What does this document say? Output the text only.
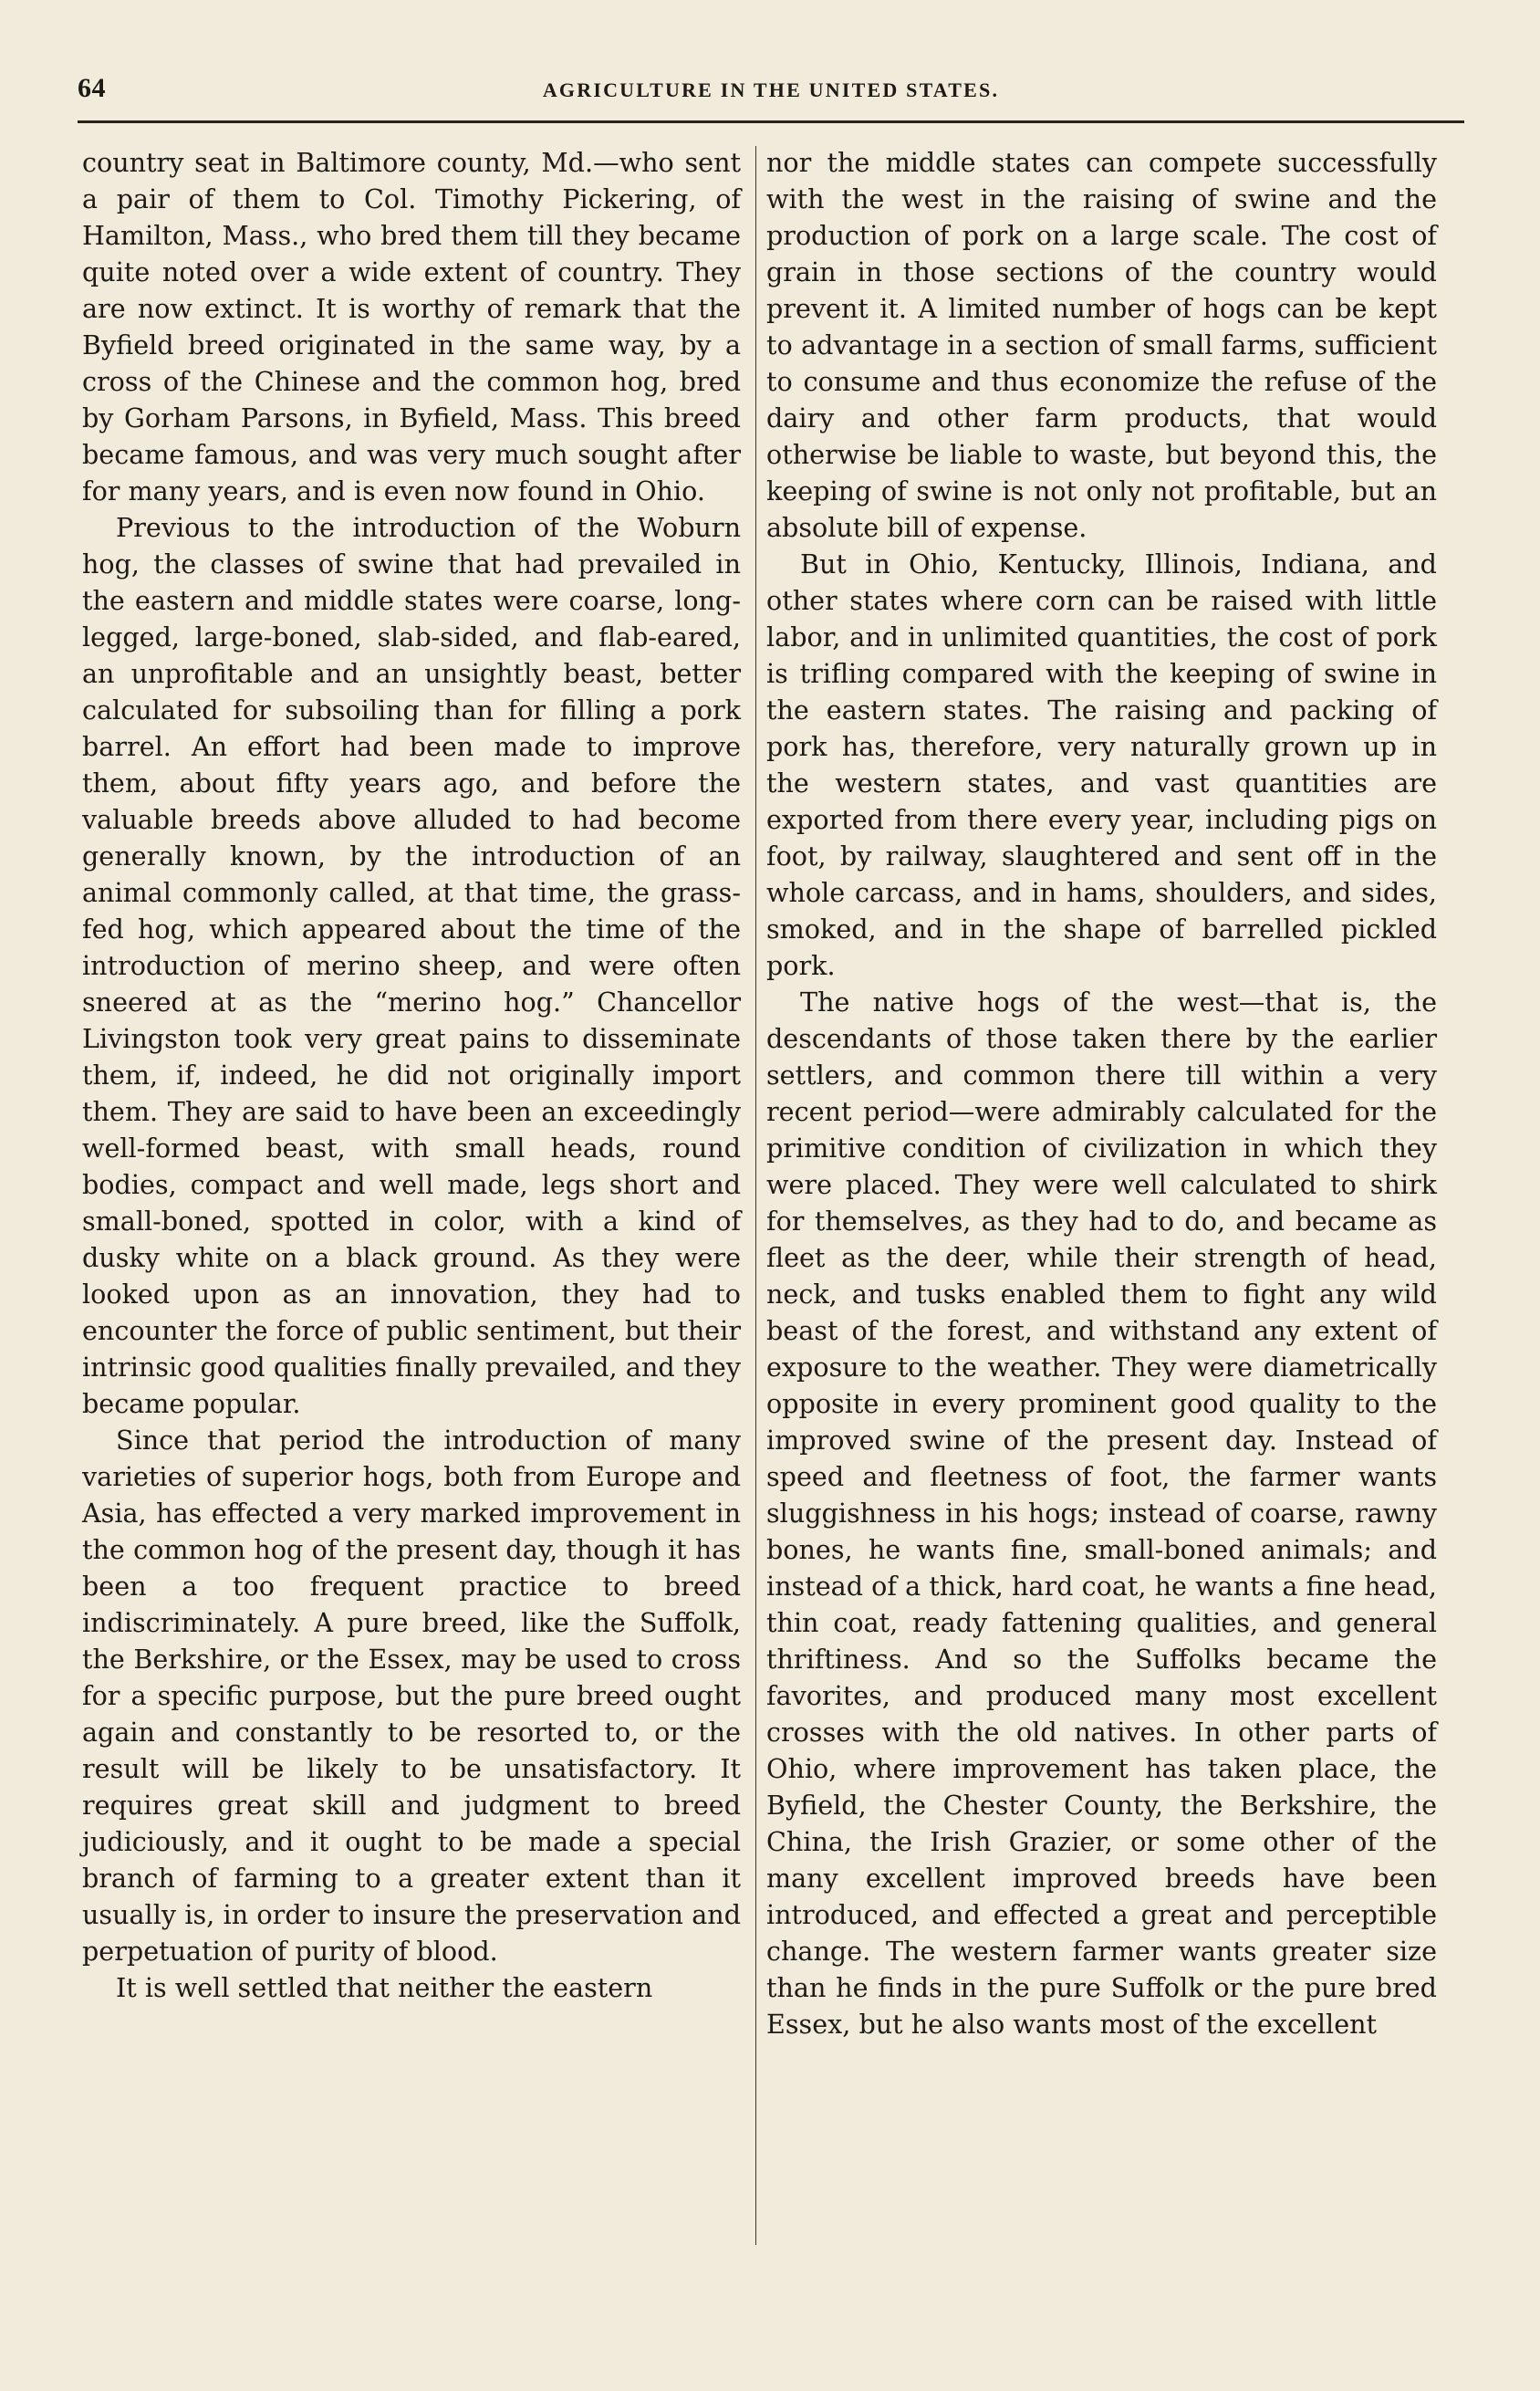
64	AGRICULTURE IN THE UNITED STATES.

country seat in Baltimore county, Md.—who sent a pair of them to Col. Timothy Pickering, of Hamilton, Mass., who bred them till they became quite noted over a wide extent of country. They are now extinct. It is worthy of remark that the Byfield breed originated in the same way, by a cross of the Chinese and the common hog, bred by Gorham Parsons, in Byfield, Mass. This breed became famous, and was very much sought after for many years, and is even now found in Ohio.

Previous to the introduction of the Woburn hog, the classes of swine that had prevailed in the eastern and middle states were coarse, long-legged, large-boned, slab-sided, and flab-eared, an unprofitable and an unsightly beast, better calculated for subsoiling than for filling a pork barrel. An effort had been made to improve them, about fifty years ago, and before the valuable breeds above alluded to had become generally known, by the introduction of an animal commonly called, at that time, the grass-fed hog, which appeared about the time of the introduction of merino sheep, and were often sneered at as the “merino hog.” Chancellor Livingston took very great pains to disseminate them, if, indeed, he did not originally import them. They are said to have been an exceedingly well-formed beast, with small heads, round bodies, compact and well made, legs short and small-boned, spotted in color, with a kind of dusky white on a black ground. As they were looked upon as an innovation, they had to encounter the force of public sentiment, but their intrinsic good qualities finally prevailed, and they became popular.

Since that period the introduction of many varieties of superior hogs, both from Europe and Asia, has effected a very marked improvement in the common hog of the present day, though it has been a too frequent practice to breed indiscriminately. A pure breed, like the Suffolk, the Berkshire, or the Essex, may be used to cross for a specific purpose, but the pure breed ought again and constantly to be resorted to, or the result will be likely to be unsatisfactory. It requires great skill and judgment to breed judiciously, and it ought to be made a special branch of farming to a greater extent than it usually is, in order to insure the preservation and perpetuation of purity of blood.

It is well settled that neither the eastern

nor the middle states can compete successfully with the west in the raising of swine and the production of pork on a large scale. The cost of grain in those sections of the country would prevent it. A limited number of hogs can be kept to advantage in a section of small farms, sufficient to consume and thus economize the refuse of the dairy and other farm products, that would otherwise be liable to waste, but beyond this, the keeping of swine is not only not profitable, but an absolute bill of expense.

But in Ohio, Kentucky, Illinois, Indiana, and other states where corn can be raised with little labor, and in unlimited quantities, the cost of pork is trifling compared with the keeping of swine in the eastern states. The raising and packing of pork has, therefore, very naturally grown up in the western states, and vast quantities are exported from there every year, including pigs on foot, by railway, slaughtered and sent off in the whole carcass, and in hams, shoulders, and sides, smoked, and in the shape of barrelled pickled pork.

The native hogs of the west—that is, the descendants of those taken there by the earlier settlers, and common there till within a very recent period—were admirably calculated for the primitive condition of civilization in which they were placed. They were well calculated to shirk for themselves, as they had to do, and became as fleet as the deer, while their strength of head, neck, and tusks enabled them to fight any wild beast of the forest, and withstand any extent of exposure to the weather. They were diametrically opposite in every prominent good quality to the improved swine of the present day. Instead of speed and fleetness of foot, the farmer wants sluggishness in his hogs; instead of coarse, rawny bones, he wants fine, small-boned animals; and instead of a thick, hard coat, he wants a fine head, thin coat, ready fattening qualities, and general thriftiness. And so the Suffolks became the favorites, and produced many most excellent crosses with the old natives. In other parts of Ohio, where improvement has taken place, the Byfield, the Chester County, the Berkshire, the China, the Irish Grazier, or some other of the many excellent improved breeds have been introduced, and effected a great and perceptible change. The western farmer wants greater size than he finds in the pure Suffolk or the pure bred Essex, but he also wants most of the excellent
